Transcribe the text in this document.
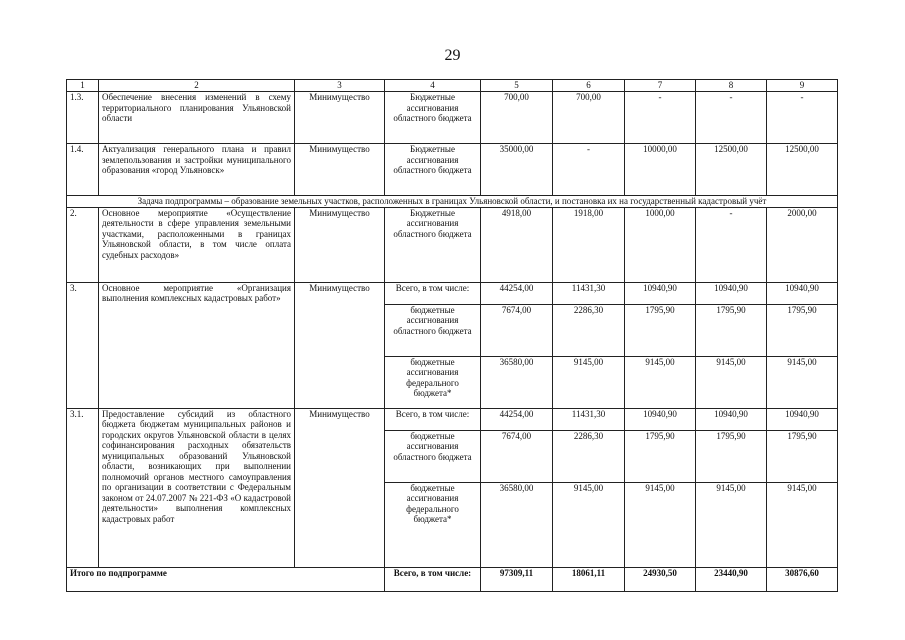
29
1	2	3	4	5	6	7	8	9
1.3.	Обеспечение внесения изменений в схему территориального планирования Ульяновской области	Минимущество	Бюджетные ассигнования областного бюджета	700,00	700,00	-	-	-
1.4.	Актуализация генерального плана и правил землепользования и застройки муниципального образования «город Ульяновск»	Минимущество	Бюджетные ассигнования областного бюджета	35000,00	-	10000,00	12500,00	12500,00
Задача подпрограммы – образование земельных участков, расположенных в границах Ульяновской области, и постановка их на государственный кадастровый учёт								
2.	Основное мероприятие «Осуществление деятельности в сфере управления земельными участками, расположенными в границах Ульяновской области, в том числе оплата судебных расходов»	Минимущество	Бюджетные ассигнования областного бюджета	4918,00	1918,00	1000,00	-	2000,00
3.	Основное мероприятие «Организация выполнения комплексных кадастровых работ»	Минимущество	Всего, в том числе:	44254,00	11431,30	10940,90	10940,90	10940,90
			бюджетные ассигнования областного бюджета	7674,00	2286,30	1795,90	1795,90	1795,90
			бюджетные ассигнования федерального бюджета*	36580,00	9145,00	9145,00	9145,00	9145,00
3.1.	Предоставление субсидий из областного бюджета бюджетам муниципальных районов и городских округов Ульяновской области в целях софинансирования расходных обязательств муниципальных образований Ульяновской области, возникающих при выполнении полномочий органов местного самоуправления по организации в соответствии с Федеральным законом от 24.07.2007 № 221-ФЗ «О кадастровой деятельности» выполнения комплексных кадастровых работ	Минимущество	Всего, в том числе:	44254,00	11431,30	10940,90	10940,90	10940,90
			бюджетные ассигнования областного бюджета	7674,00	2286,30	1795,90	1795,90	1795,90
			бюджетные ассигнования федерального бюджета*	36580,00	9145,00	9145,00	9145,00	9145,00
Итого по подпрограмме			Всего, в том числе:	97309,11	18061,11	24930,50	23440,90	30876,60
